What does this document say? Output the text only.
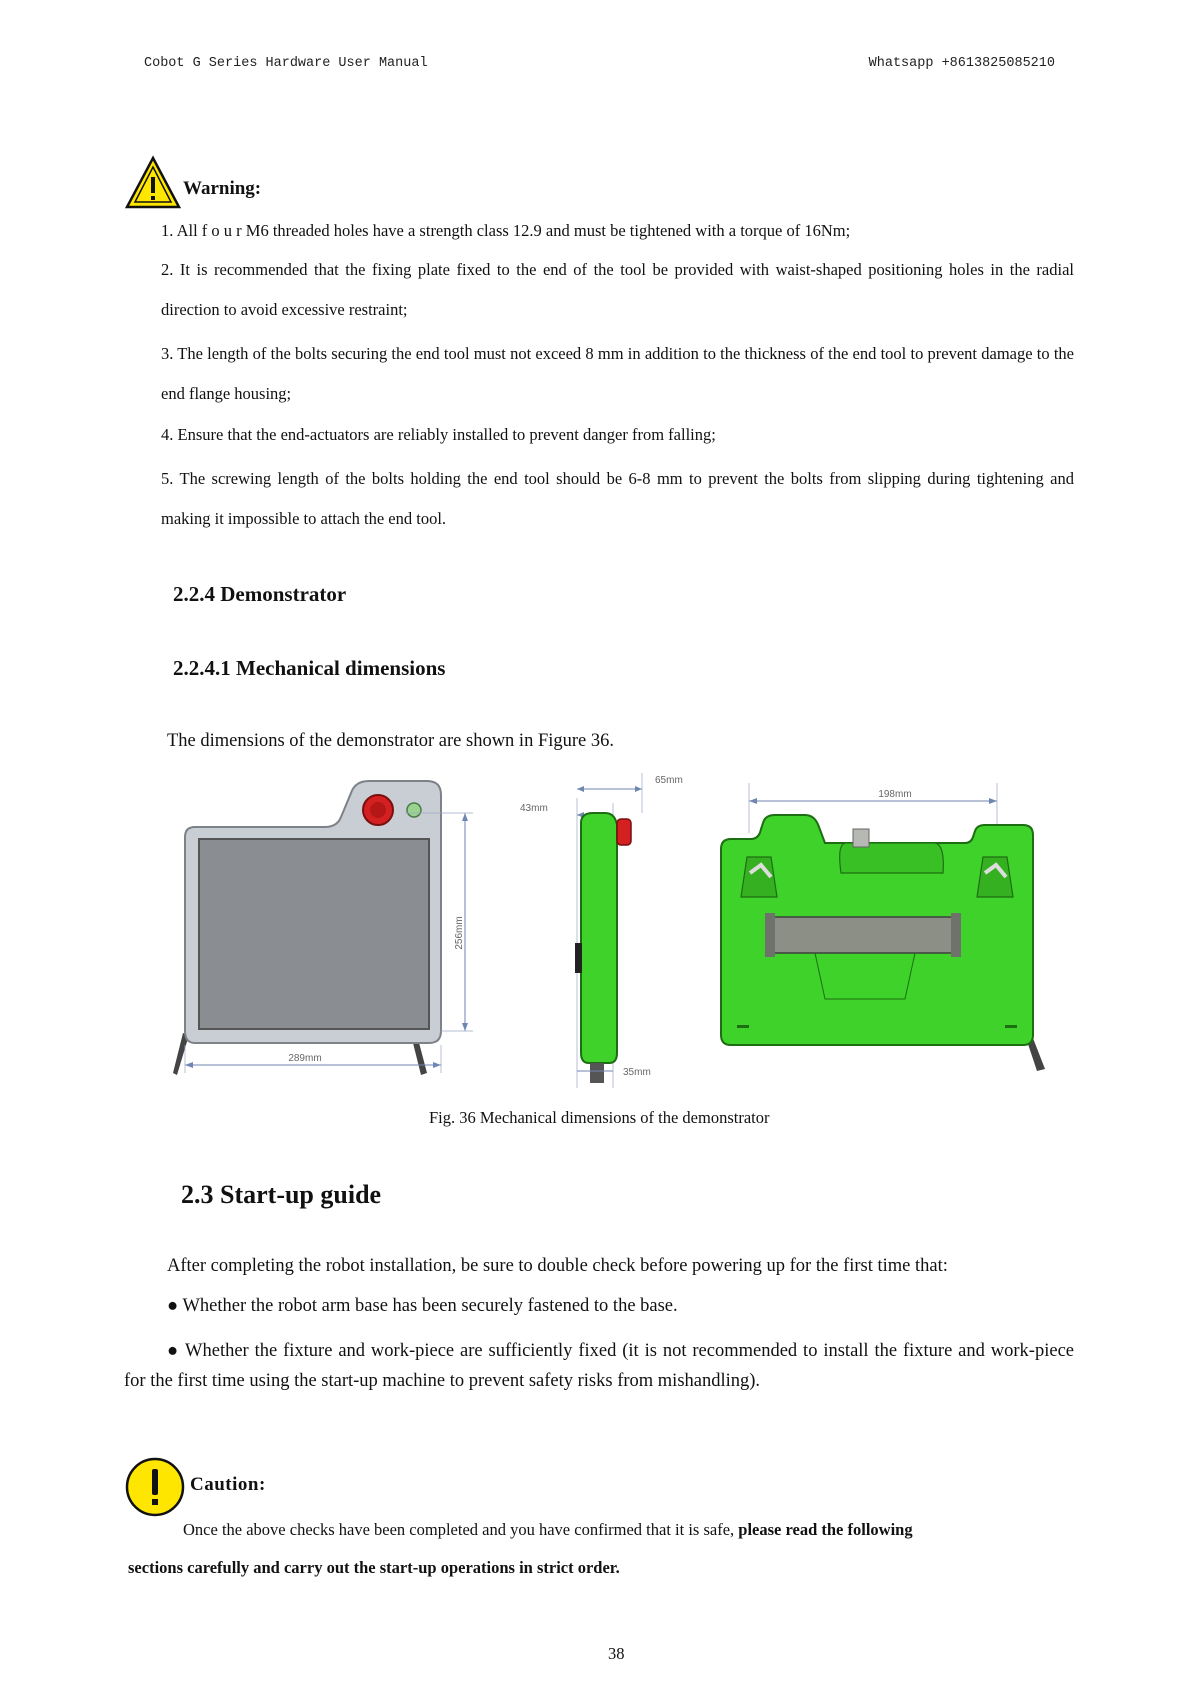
Cobot G Series Hardware User Manual	Whatsapp +8613825085210
Warning:
1. All f o u r M6 threaded holes have a strength class 12.9 and must be tightened with a torque of 16Nm;
2. It is recommended that the fixing plate fixed to the end of the tool be provided with waist-shaped positioning holes in the radial direction to avoid excessive restraint;
3. The length of the bolts securing the end tool must not exceed 8 mm in addition to the thickness of the end tool to prevent damage to the end flange housing;
4. Ensure that the end-actuators are reliably installed to prevent danger from falling;
5. The screwing length of the bolts holding the end tool should be 6-8 mm to prevent the bolts from slipping during tightening and making it impossible to attach the end tool.
2.2.4 Demonstrator
2.2.4.1 Mechanical dimensions
The dimensions of the demonstrator are shown in Figure 36.
256mm
289mm
65mm
43mm
35mm
198mm
Fig. 36 Mechanical dimensions of the demonstrator
2.3 Start-up guide
After completing the robot installation, be sure to double check before powering up for the first time that:
● Whether the robot arm base has been securely fastened to the base.
● Whether the fixture and work-piece are sufficiently fixed (it is not recommended to install the fixture and work-piece for the first time using the start-up machine to prevent safety risks from mishandling).
Caution:
Once the above checks have been completed and you have confirmed that it is safe, please read the following
sections carefully and carry out the start-up operations in strict order.
38
